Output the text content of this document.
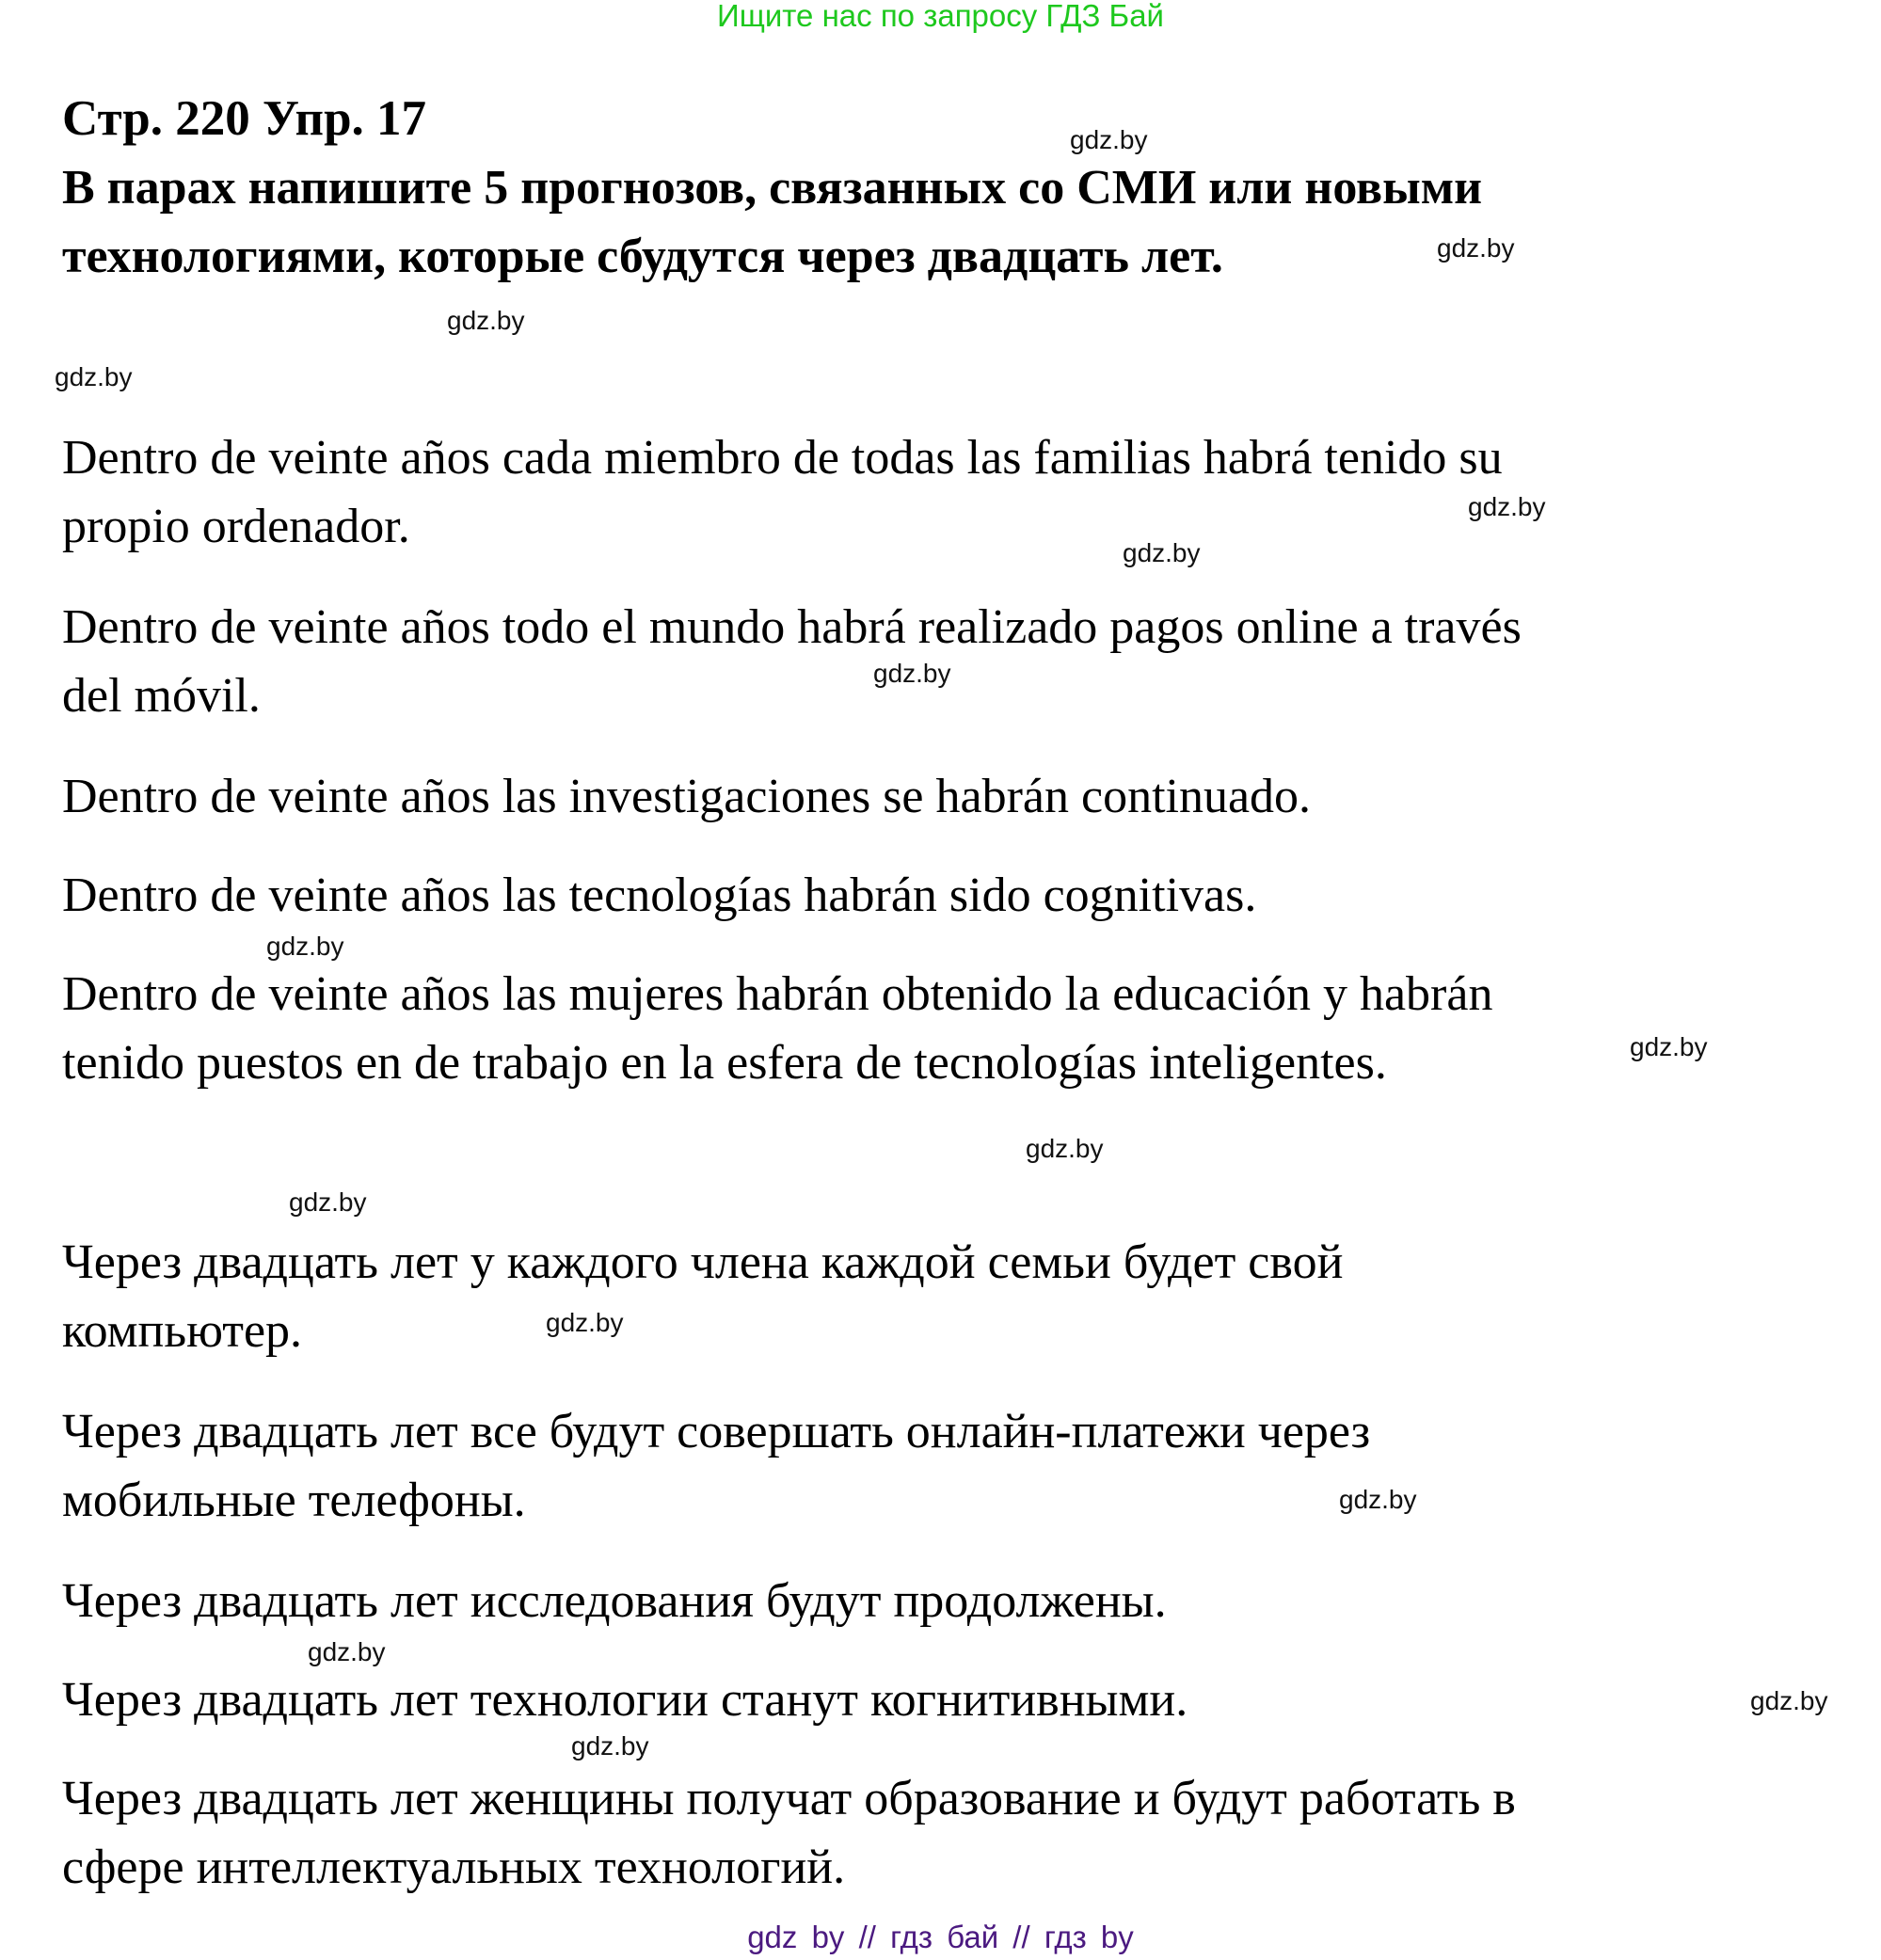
Ищите нас по запросу ГДЗ Бай
Стр. 220 Упр. 17
В парах напишите 5 прогнозов, связанных со СМИ или новыми
технологиями, которые сбудутся через двадцать лет.
Dentro de veinte años cada miembro de todas las familias habrá tenido su
propio ordenador.
Dentro de veinte años todo el mundo habrá realizado pagos online a través
del móvil.
Dentro de veinte años las investigaciones se habrán continuado.
Dentro de veinte años las tecnologías habrán sido cognitivas.
Dentro de veinte años las mujeres habrán obtenido la educación y habrán
tenido puestos en de trabajo en la esfera de tecnologías inteligentes.
Через двадцать лет у каждого члена каждой семьи будет свой
компьютер.
Через двадцать лет все будут совершать онлайн-платежи через
мобильные телефоны.
Через двадцать лет исследования будут продолжены.
Через двадцать лет технологии станут когнитивными.
Через двадцать лет женщины получат образование и будут работать в
сфере интеллектуальных технологий.
gdz.by
gdz.by
gdz.by
gdz.by
gdz.by
gdz.by
gdz.by
gdz.by
gdz.by
gdz.by
gdz.by
gdz.by
gdz.by
gdz.by
gdz.by
gdz.by
gdz by // гдз бай // гдз by
